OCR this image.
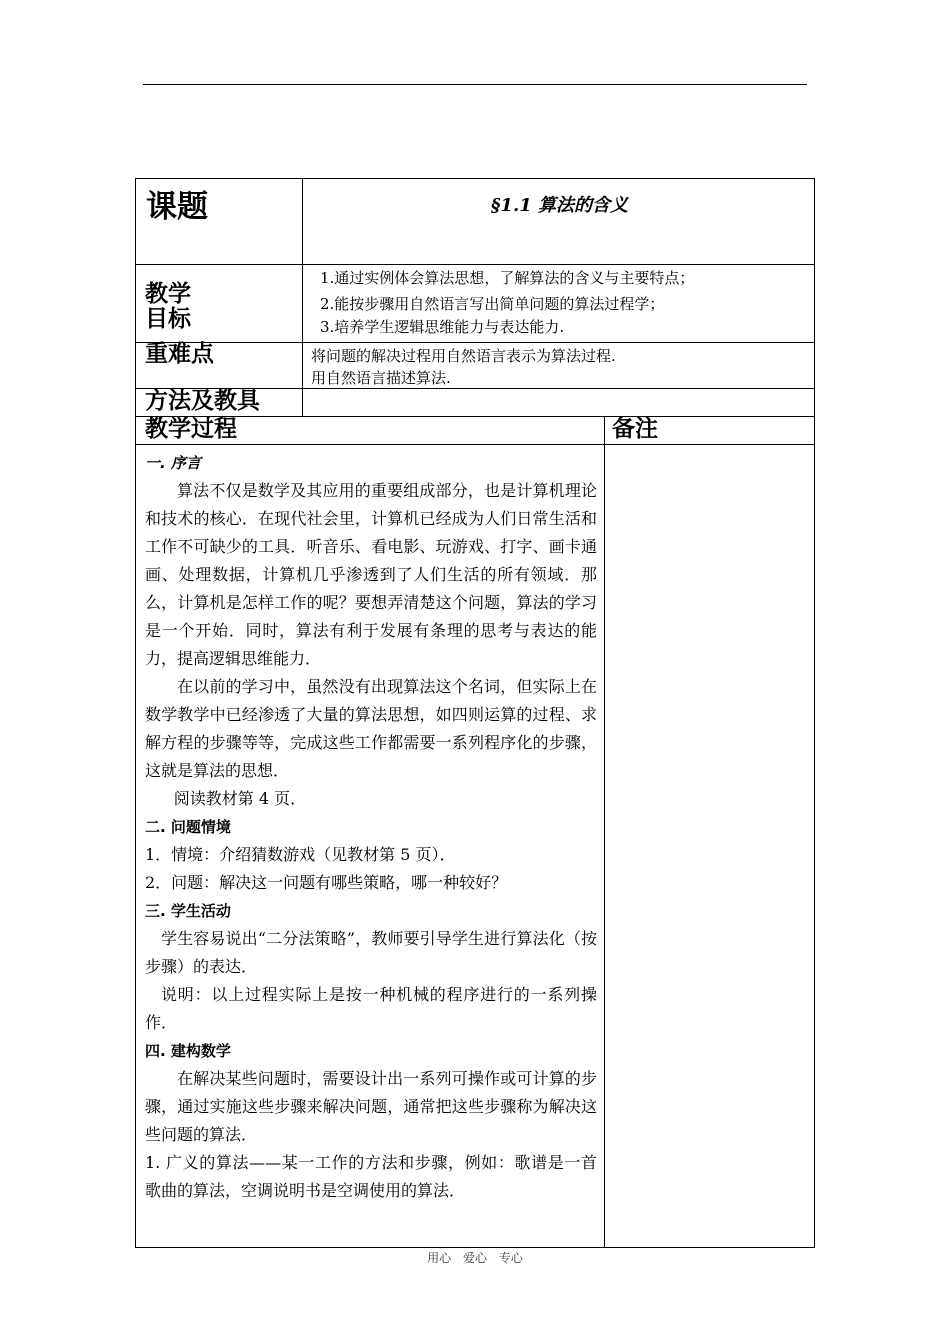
课题
教学
目标
重难点
方法及教具
教学过程	备注
§1.1 算法的含义
1.通过实例体会算法思想，了解算法的含义与主要特点；
2.能按步骤用自然语言写出简单问题的算法过程学；
3.培养学生逻辑思维能力与表达能力.
将问题的解决过程用自然语言表示为算法过程.
用自然语言描述算法.
一. 序言
算法不仅是数学及其应用的重要组成部分，也是计算机理论和技术的核心．在现代社会里，计算机已经成为人们日常生活和工作不可缺少的工具．听音乐、看电影、玩游戏、打字、画卡通画、处理数据，计算机几乎渗透到了人们生活的所有领域．那么，计算机是怎样工作的呢？要想弄清楚这个问题，算法的学习是一个开始．同时，算法有利于发展有条理的思考与表达的能力，提高逻辑思维能力．
在以前的学习中，虽然没有出现算法这个名词，但实际上在数学教学中已经渗透了大量的算法思想，如四则运算的过程、求解方程的步骤等等，完成这些工作都需要一系列程序化的步骤，这就是算法的思想．
阅读教材第 4 页．
二. 问题情境
1．情境：介绍猜数游戏（见教材第 5 页）．
2．问题：解决这一问题有哪些策略，哪一种较好？
三. 学生活动
学生容易说出“二分法策略”，教师要引导学生进行算法化（按步骤）的表达．
说明：以上过程实际上是按一种机械的程序进行的一系列操作．
四. 建构数学
在解决某些问题时，需要设计出一系列可操作或可计算的步骤，通过实施这些步骤来解决问题，通常把这些步骤称为解决这些问题的算法．
1. 广义的算法——某一工作的方法和步骤，例如：歌谱是一首歌曲的算法，空调说明书是空调使用的算法．
用心 爱心 专心
